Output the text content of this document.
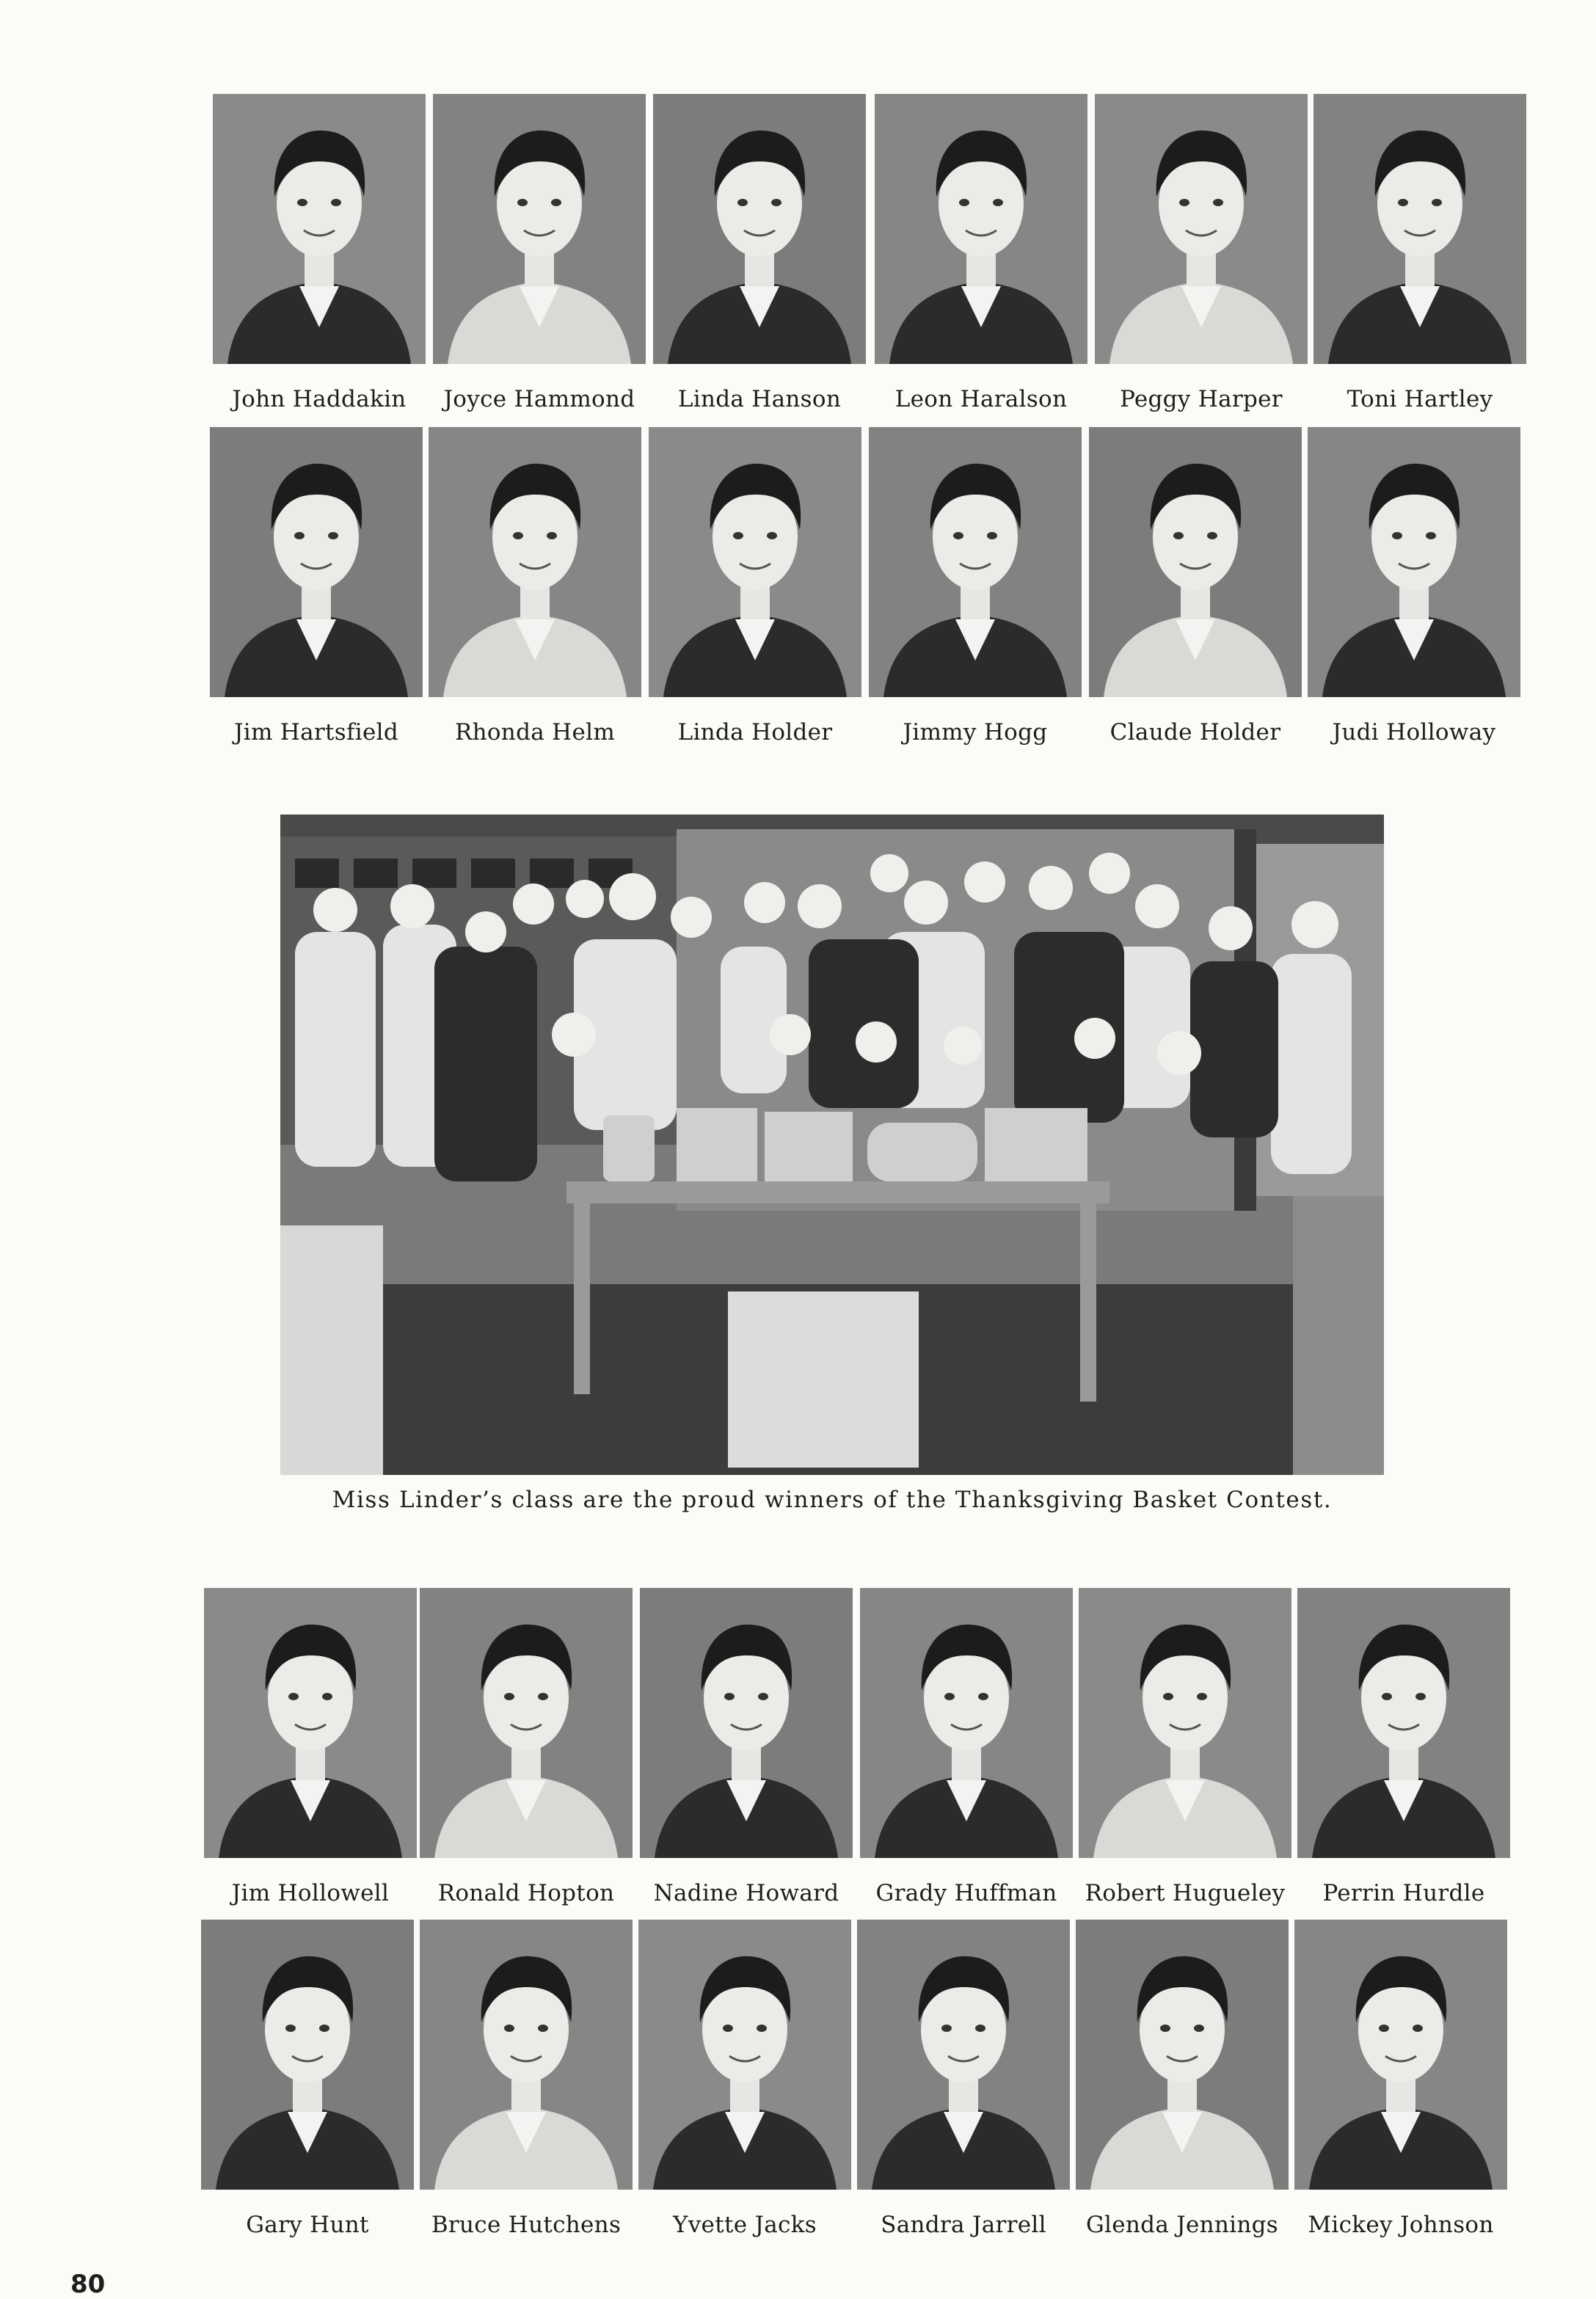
John Haddakin	Joyce Hammond	Linda Hanson	Leon Haralson	Peggy Harper	Toni Hartley
Jim Hartsfield	Rhonda Helm	Linda Holder	Jimmy Hogg	Claude Holder	Judi Holloway
Jim Hollowell	Ronald Hopton	Nadine Howard	Grady Huffman	Robert Hugueley	Perrin Hurdle
Gary Hunt	Bruce Hutchens	Yvette Jacks	Sandra Jarrell	Glenda Jennings	Mickey Johnson
Miss Linder’s class are the proud winners of the Thanksgiving Basket Contest.
80
